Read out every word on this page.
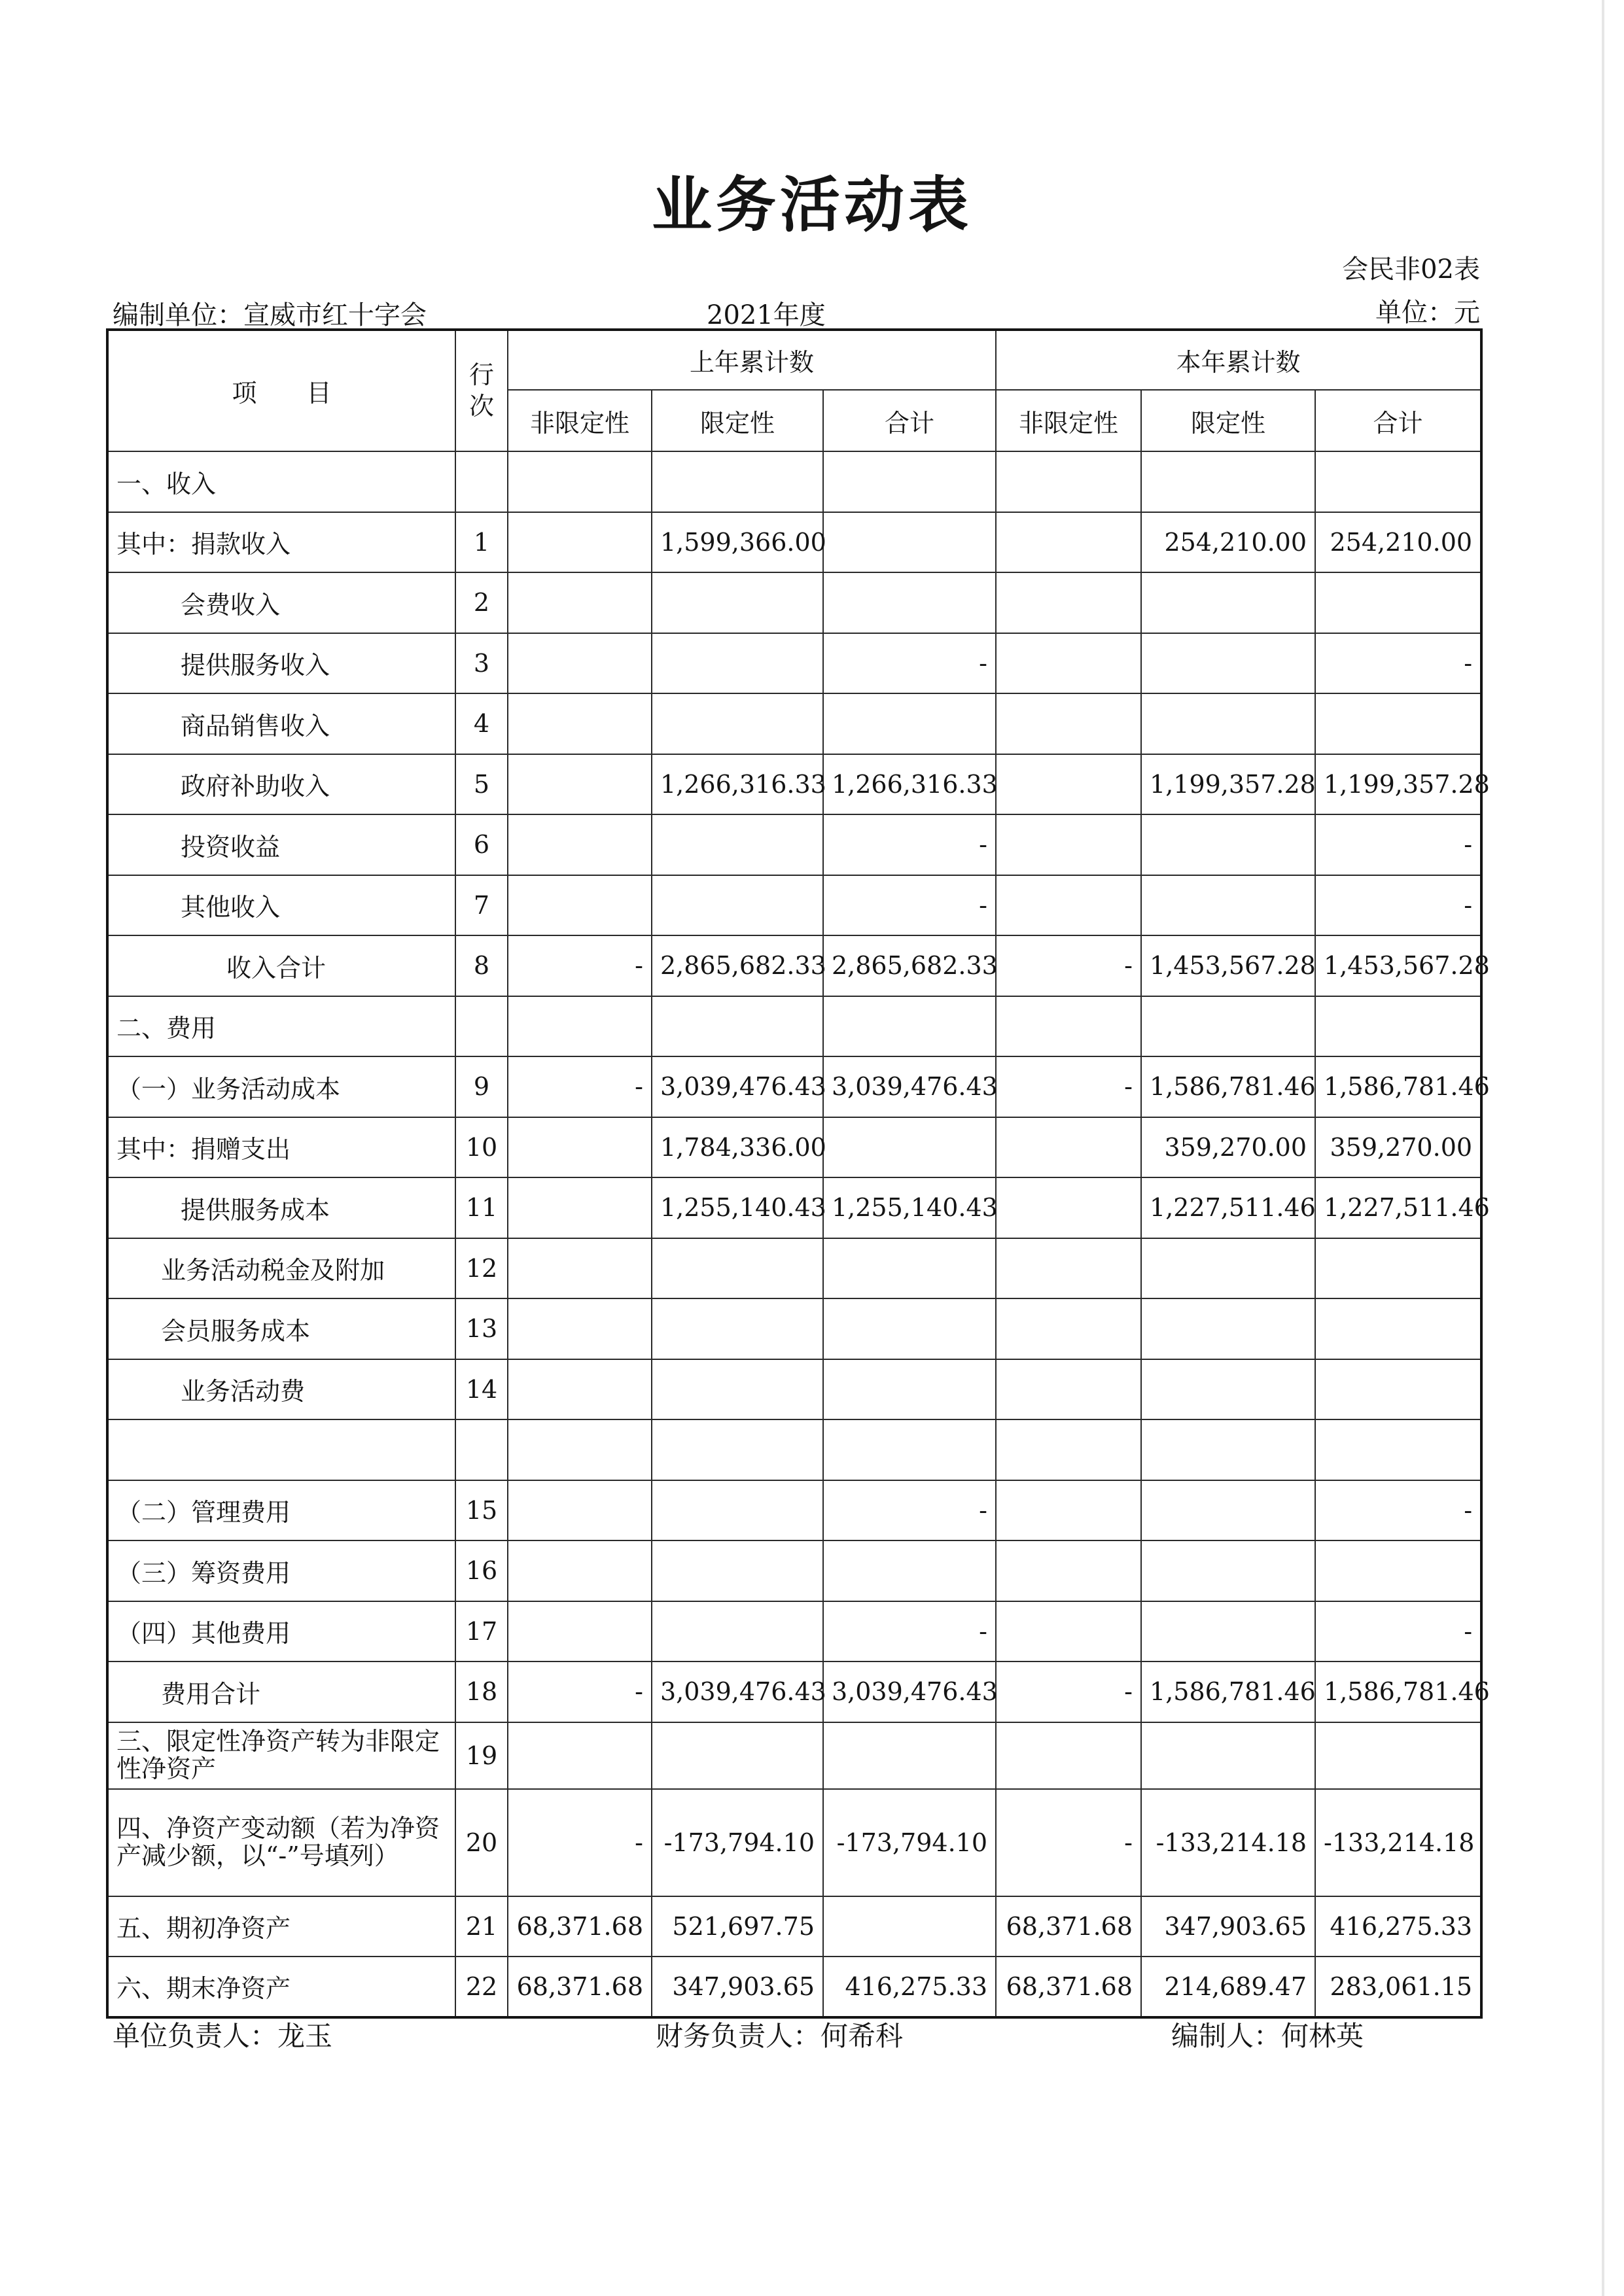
业务活动表
会民非02表
编制单位：宣威市红十字会	2021年度	单位：元
项　　目	行次	上年累计数			本年累计数		
		非限定性	限定性	合计	非限定性	限定性	合计
一、收入							
其中：捐款收入	1		1,599,366.00			254,210.00	254,210.00
会费收入	2						
提供服务收入	3			-			-
商品销售收入	4						
政府补助收入	5		1,266,316.33	1,266,316.33		1,199,357.28	1,199,357.28
投资收益	6			-			-
其他收入	7			-			-
收入合计	8	-	2,865,682.33	2,865,682.33	-	1,453,567.28	1,453,567.28
二、费用							
（一）业务活动成本	9	-	3,039,476.43	3,039,476.43	-	1,586,781.46	1,586,781.46
其中：捐赠支出	10		1,784,336.00			359,270.00	359,270.00
提供服务成本	11		1,255,140.43	1,255,140.43		1,227,511.46	1,227,511.46
业务活动税金及附加	12						
会员服务成本	13						
业务活动费	14						

（二）管理费用	15			-			-
（三）筹资费用	16						
（四）其他费用	17			-			-
费用合计	18	-	3,039,476.43	3,039,476.43	-	1,586,781.46	1,586,781.46
三、限定性净资产转为非限定性净资产	19						
四、净资产变动额（若为净资产减少额，以“-”号填列）	20	-	-173,794.10	-173,794.10	-	-133,214.18	-133,214.18
五、期初净资产	21	68,371.68	521,697.75		68,371.68	347,903.65	416,275.33
六、期末净资产	22	68,371.68	347,903.65	416,275.33	68,371.68	214,689.47	283,061.15
单位负责人：龙玉	财务负责人：何希科	编制人：何林英
